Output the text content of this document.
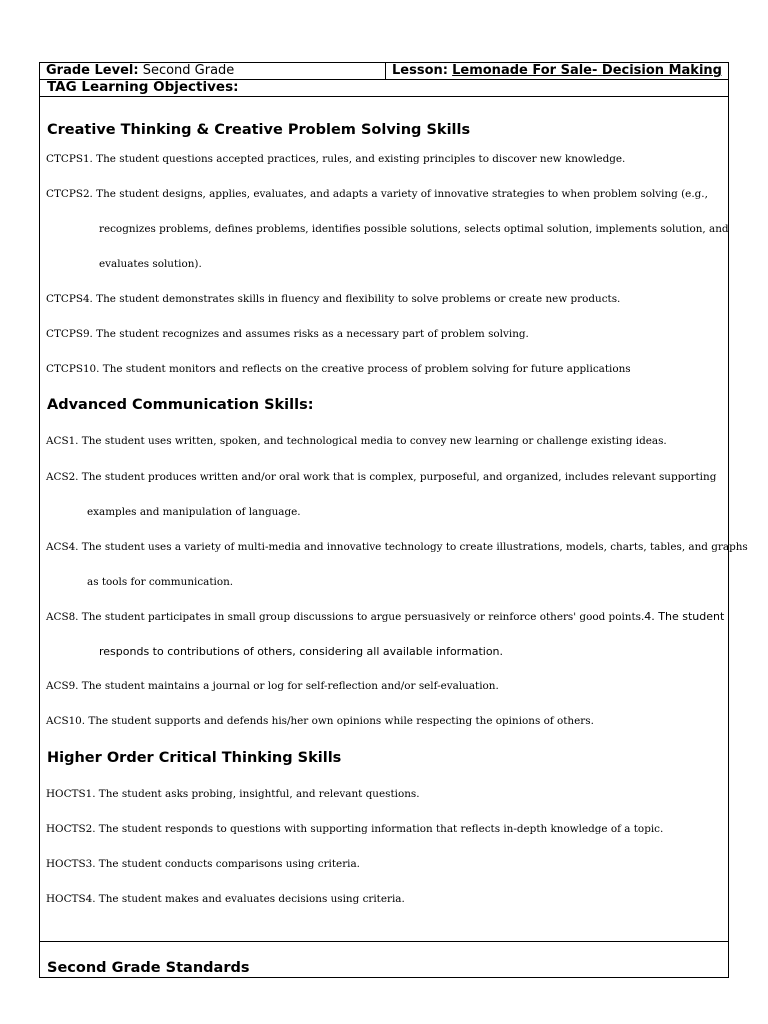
Grade Level: Second Grade	Lesson: Lemonade For Sale- Decision Making
TAG Learning Objectives:
Creative Thinking & Creative Problem Solving Skills
CTCPS1. The student questions accepted practices, rules, and existing principles to discover new knowledge.
CTCPS2. The student designs, applies, evaluates, and adapts a variety of innovative strategies to when problem solving (e.g.,
recognizes problems, defines problems, identifies possible solutions, selects optimal solution, implements solution, and
evaluates solution).
CTCPS4. The student demonstrates skills in fluency and flexibility to solve problems or create new products.
CTCPS9. The student recognizes and assumes risks as a necessary part of problem solving.
CTCPS10. The student monitors and reflects on the creative process of problem solving for future applications
Advanced Communication Skills:
ACS1. The student uses written, spoken, and technological media to convey new learning or challenge existing ideas.
ACS2. The student produces written and/or oral work that is complex, purposeful, and organized, includes relevant supporting
examples and manipulation of language.
ACS4. The student uses a variety of multi-media and innovative technology to create illustrations, models, charts, tables, and graphs
as tools for communication.
ACS8. The student participates in small group discussions to argue persuasively or reinforce others' good points.4. The student
responds to contributions of others, considering all available information.
ACS9. The student maintains a journal or log for self-reflection and/or self-evaluation.
ACS10. The student supports and defends his/her own opinions while respecting the opinions of others.
Higher Order Critical Thinking Skills
HOCTS1. The student asks probing, insightful, and relevant questions.
HOCTS2. The student responds to questions with supporting information that reflects in-depth knowledge of a topic.
HOCTS3. The student conducts comparisons using criteria.
HOCTS4. The student makes and evaluates decisions using criteria.
Second Grade Standards
